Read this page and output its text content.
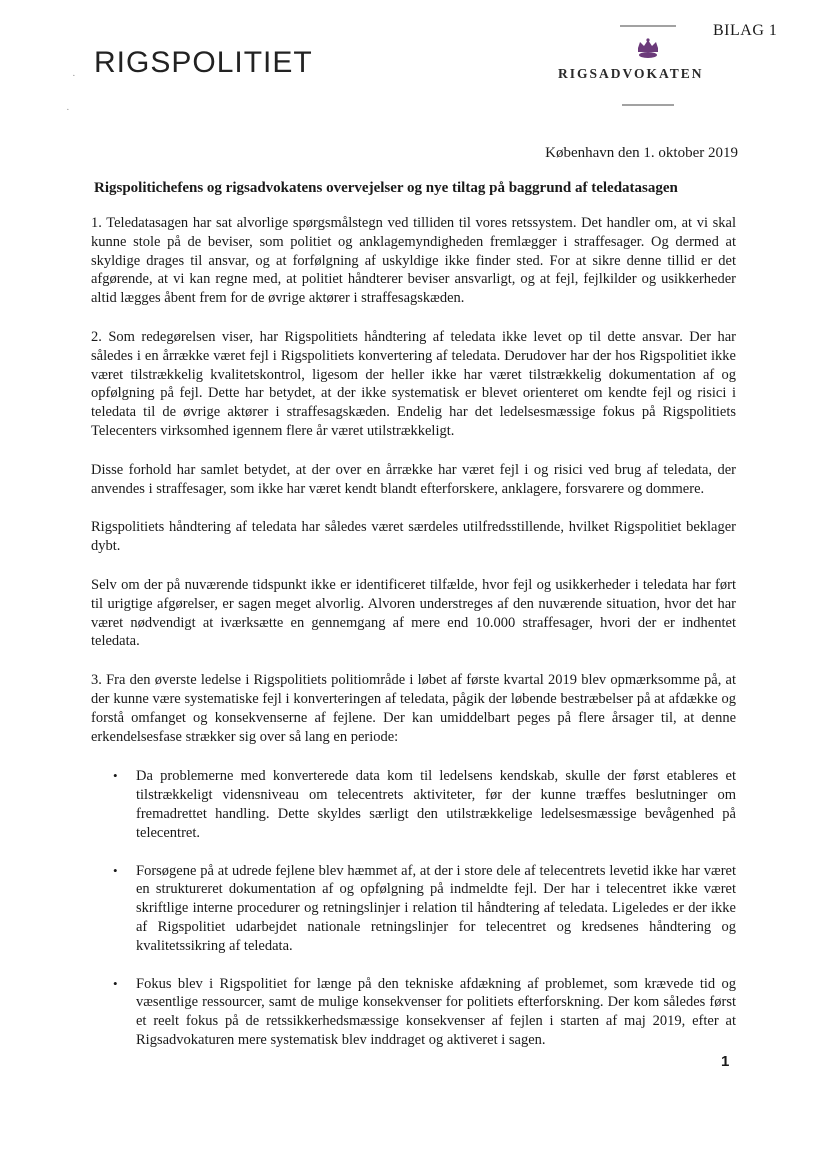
RIGSPOLITIET
BILAG 1
RIGSADVOKATEN
·
·
København den 1. oktober 2019
Rigspolitichefens og rigsadvokatens overvejelser og nye tiltag på baggrund af teledatasagen

1. Teledatasagen har sat alvorlige spørgsmålstegn ved tilliden til vores retssystem. Det handler om, at vi skal kunne stole på de beviser, som politiet og anklagemyndigheden fremlægger i straffesager. Og dermed at skyldige drages til ansvar, og at forfølgning af uskyldige ikke finder sted. For at sikre denne tillid er det afgørende, at vi kan regne med, at politiet håndterer beviser ansvarligt, og at fejl, fejlkilder og usikkerheder altid lægges åbent frem for de øvrige aktører i straffesagskæden.

2. Som redegørelsen viser, har Rigspolitiets håndtering af teledata ikke levet op til dette ansvar. Der har således i en årrække været fejl i Rigspolitiets konvertering af teledata. Derudover har der hos Rigspolitiet ikke været tilstrækkelig kvalitetskontrol, ligesom der heller ikke har været tilstrækkelig dokumentation af og opfølgning på fejl. Dette har betydet, at der ikke systematisk er blevet orienteret om kendte fejl og risici i teledata til de øvrige aktører i straffesagskæden. Endelig har det ledelsesmæssige fokus på Rigspolitiets Telecenters virksomhed igennem flere år været utilstrækkeligt.

Disse forhold har samlet betydet, at der over en årrække har været fejl i og risici ved brug af teledata, der anvendes i straffesager, som ikke har været kendt blandt efterforskere, anklagere, forsvarere og dommere.

Rigspolitiets håndtering af teledata har således været særdeles utilfredsstillende, hvilket Rigspolitiet beklager dybt.

Selv om der på nuværende tidspunkt ikke er identificeret tilfælde, hvor fejl og usikkerheder i teledata har ført til urigtige afgørelser, er sagen meget alvorlig. Alvoren understreges af den nuværende situation, hvor det har været nødvendigt at iværksætte en gennemgang af mere end 10.000 straffesager, hvori der er indhentet teledata.

3. Fra den øverste ledelse i Rigspolitiets politiområde i løbet af første kvartal 2019 blev opmærksomme på, at der kunne være systematiske fejl i konverteringen af teledata, pågik der løbende bestræbelser på at afdække og forstå omfanget og konsekvenserne af fejlene. Der kan umiddelbart peges på flere årsager til, at denne erkendelsesfase strækker sig over så lang en periode:

• Da problemerne med konverterede data kom til ledelsens kendskab, skulle der først etableres et tilstrækkeligt vidensniveau om telecentrets aktiviteter, før der kunne træffes beslutninger om fremadrettet handling. Dette skyldes særligt den utilstrækkelige ledelsesmæssige bevågenhed på telecentret.
• Forsøgene på at udrede fejlene blev hæmmet af, at der i store dele af telecentrets levetid ikke har været en struktureret dokumentation af og opfølgning på indmeldte fejl. Der har i telecentret ikke været skriftlige interne procedurer og retningslinjer i relation til håndtering af teledata. Ligeledes er der ikke af Rigspolitiet udarbejdet nationale retningslinjer for telecentret og kredsenes håndtering og kvalitetssikring af teledata.
• Fokus blev i Rigspolitiet for længe på den tekniske afdækning af problemet, som krævede tid og væsentlige ressourcer, samt de mulige konsekvenser for politiets efterforskning. Der kom således først et reelt fokus på de retssikkerhedsmæssige konsekvenser af fejlen i starten af maj 2019, efter at Rigsadvokaturen mere systematisk blev inddraget og aktiveret i sagen.
1
